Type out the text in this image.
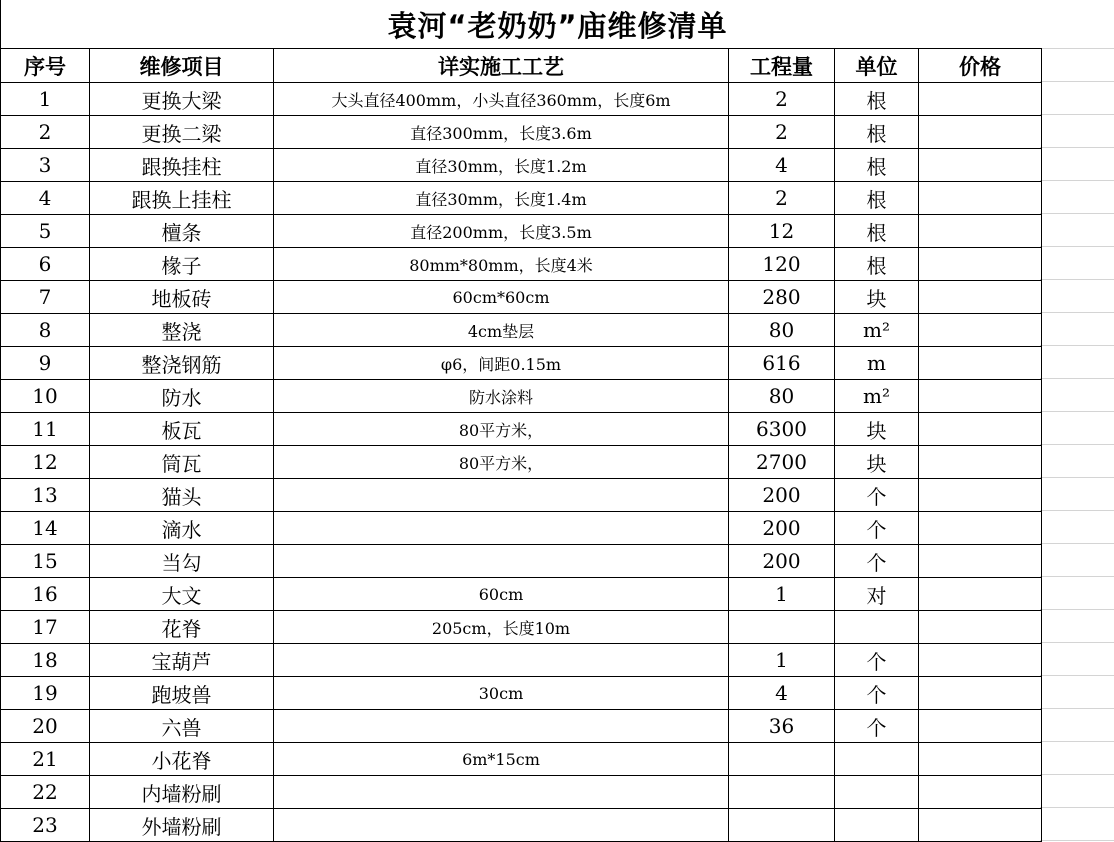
袁河“老奶奶”庙维修清单
序号	维修项目	详实施工工艺	工程量	单位	价格
1	更换大梁	大头直径400mm，小头直径360mm，长度6m	2	根	
2	更换二梁	直径300mm，长度3.6m	2	根	
3	跟换挂柱	直径30mm，长度1.2m	4	根	
4	跟换上挂柱	直径30mm，长度1.4m	2	根	
5	檀条	直径200mm，长度3.5m	12	根	
6	椽子	80mm*80mm，长度4米	120	根	
7	地板砖	60cm*60cm	280	块	
8	整浇	4cm垫层	80	m²	
9	整浇钢筋	φ6，间距0.15m	616	m	
10	防水	防水涂料	80	m²	
11	板瓦	80平方米，	6300	块	
12	筒瓦	80平方米，	2700	块	
13	猫头		200	个	
14	滴水		200	个	
15	当勾		200	个	
16	大文	60cm	1	对	
17	花脊	205cm，长度10m			
18	宝葫芦		1	个	
19	跑坡兽	30cm	4	个	
20	六兽		36	个	
21	小花脊	6m*15cm			
22	内墙粉刷				
23	外墙粉刷				
